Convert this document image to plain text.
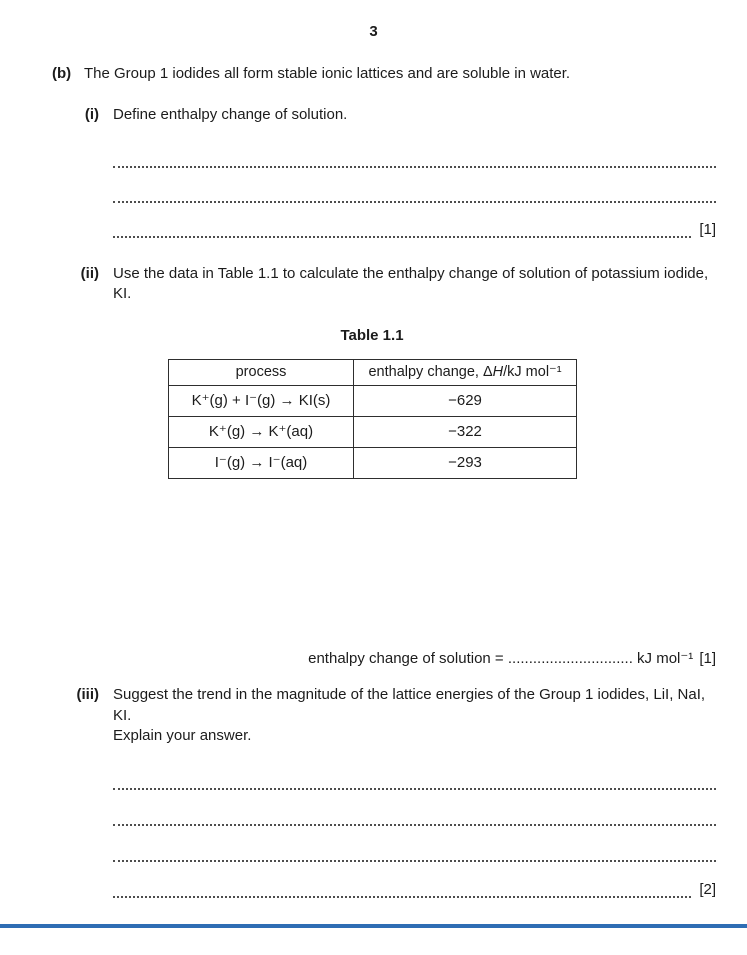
3
(b) The Group 1 iodides all form stable ionic lattices and are soluble in water.
(i) Define enthalpy change of solution.
[1]
(ii) Use the data in Table 1.1 to calculate the enthalpy change of solution of potassium iodide, KI.
Table 1.1
process	enthalpy change, ΔH/kJ mol⁻¹
K⁺(g) + I⁻(g) → KI(s)	−629
K⁺(g) → K⁺(aq)	−322
I⁻(g) → I⁻(aq)	−293
enthalpy change of solution = .............................. kJ mol⁻¹ [1]
(iii) Suggest the trend in the magnitude of the lattice energies of the Group 1 iodides, LiI, NaI, KI.
Explain your answer.
[2]
